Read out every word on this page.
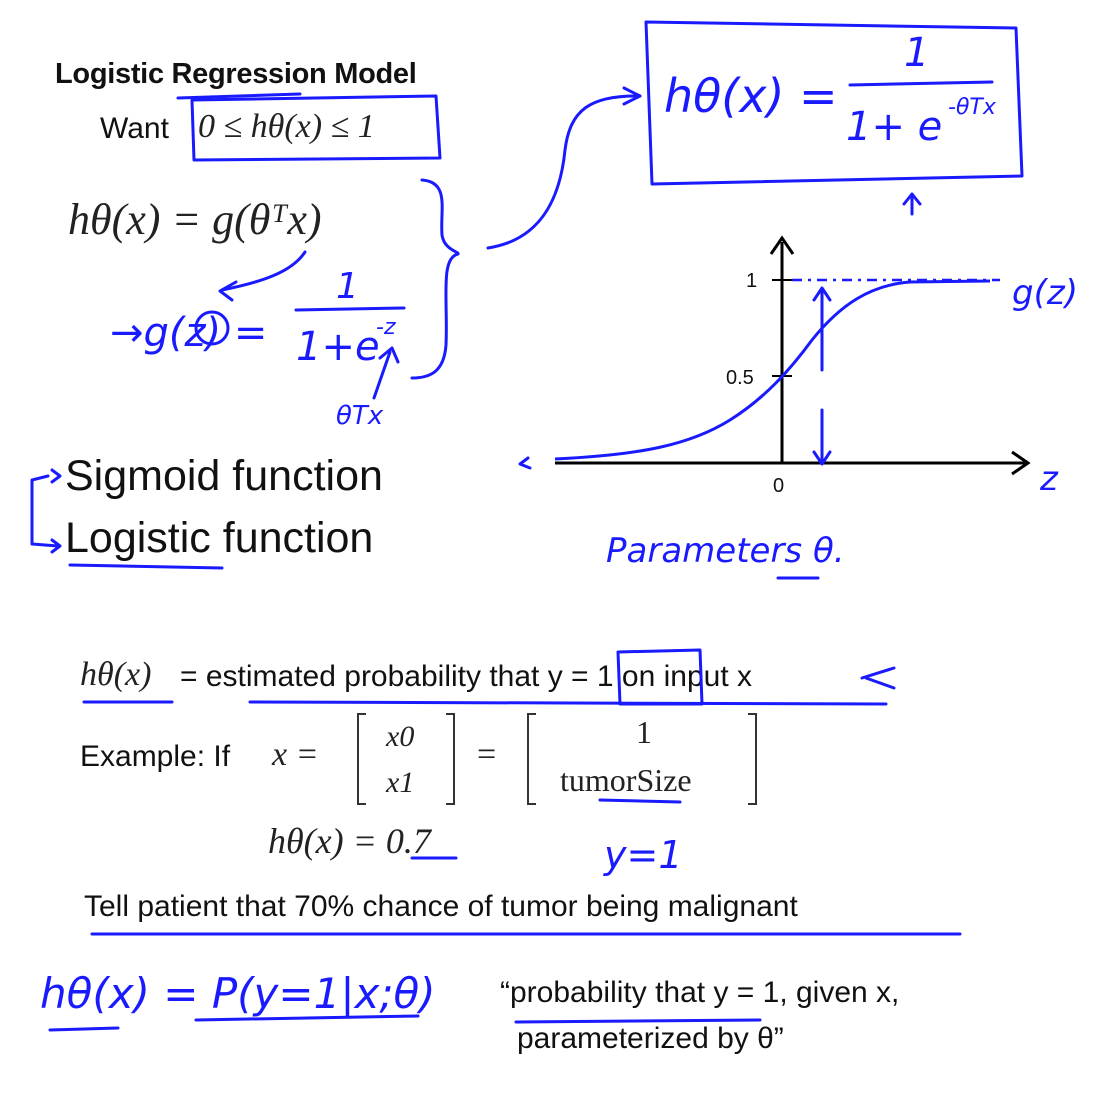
Logistic Regression Model
Want 0 ≤ hθ(x) ≤ 1
hθ(x) = g(θᵀx)
Sigmoid function
Logistic function
hθ(x) = estimated probability that y = 1 on input x
Example: If x = x0
x1
=
1
tumorSize
hθ(x) = 0.7
Tell patient that 70% chance of tumor being malignant
“probability that y = 1, given x,
parameterized by θ”
1
0.5
0
hθ(x) =
1
1+ e -θTx
→g(z) =
1
1+e
-z
θTx
g(z)
z
Parameters θ.
y=1
hθ(x) = P(y=1|x;θ)
